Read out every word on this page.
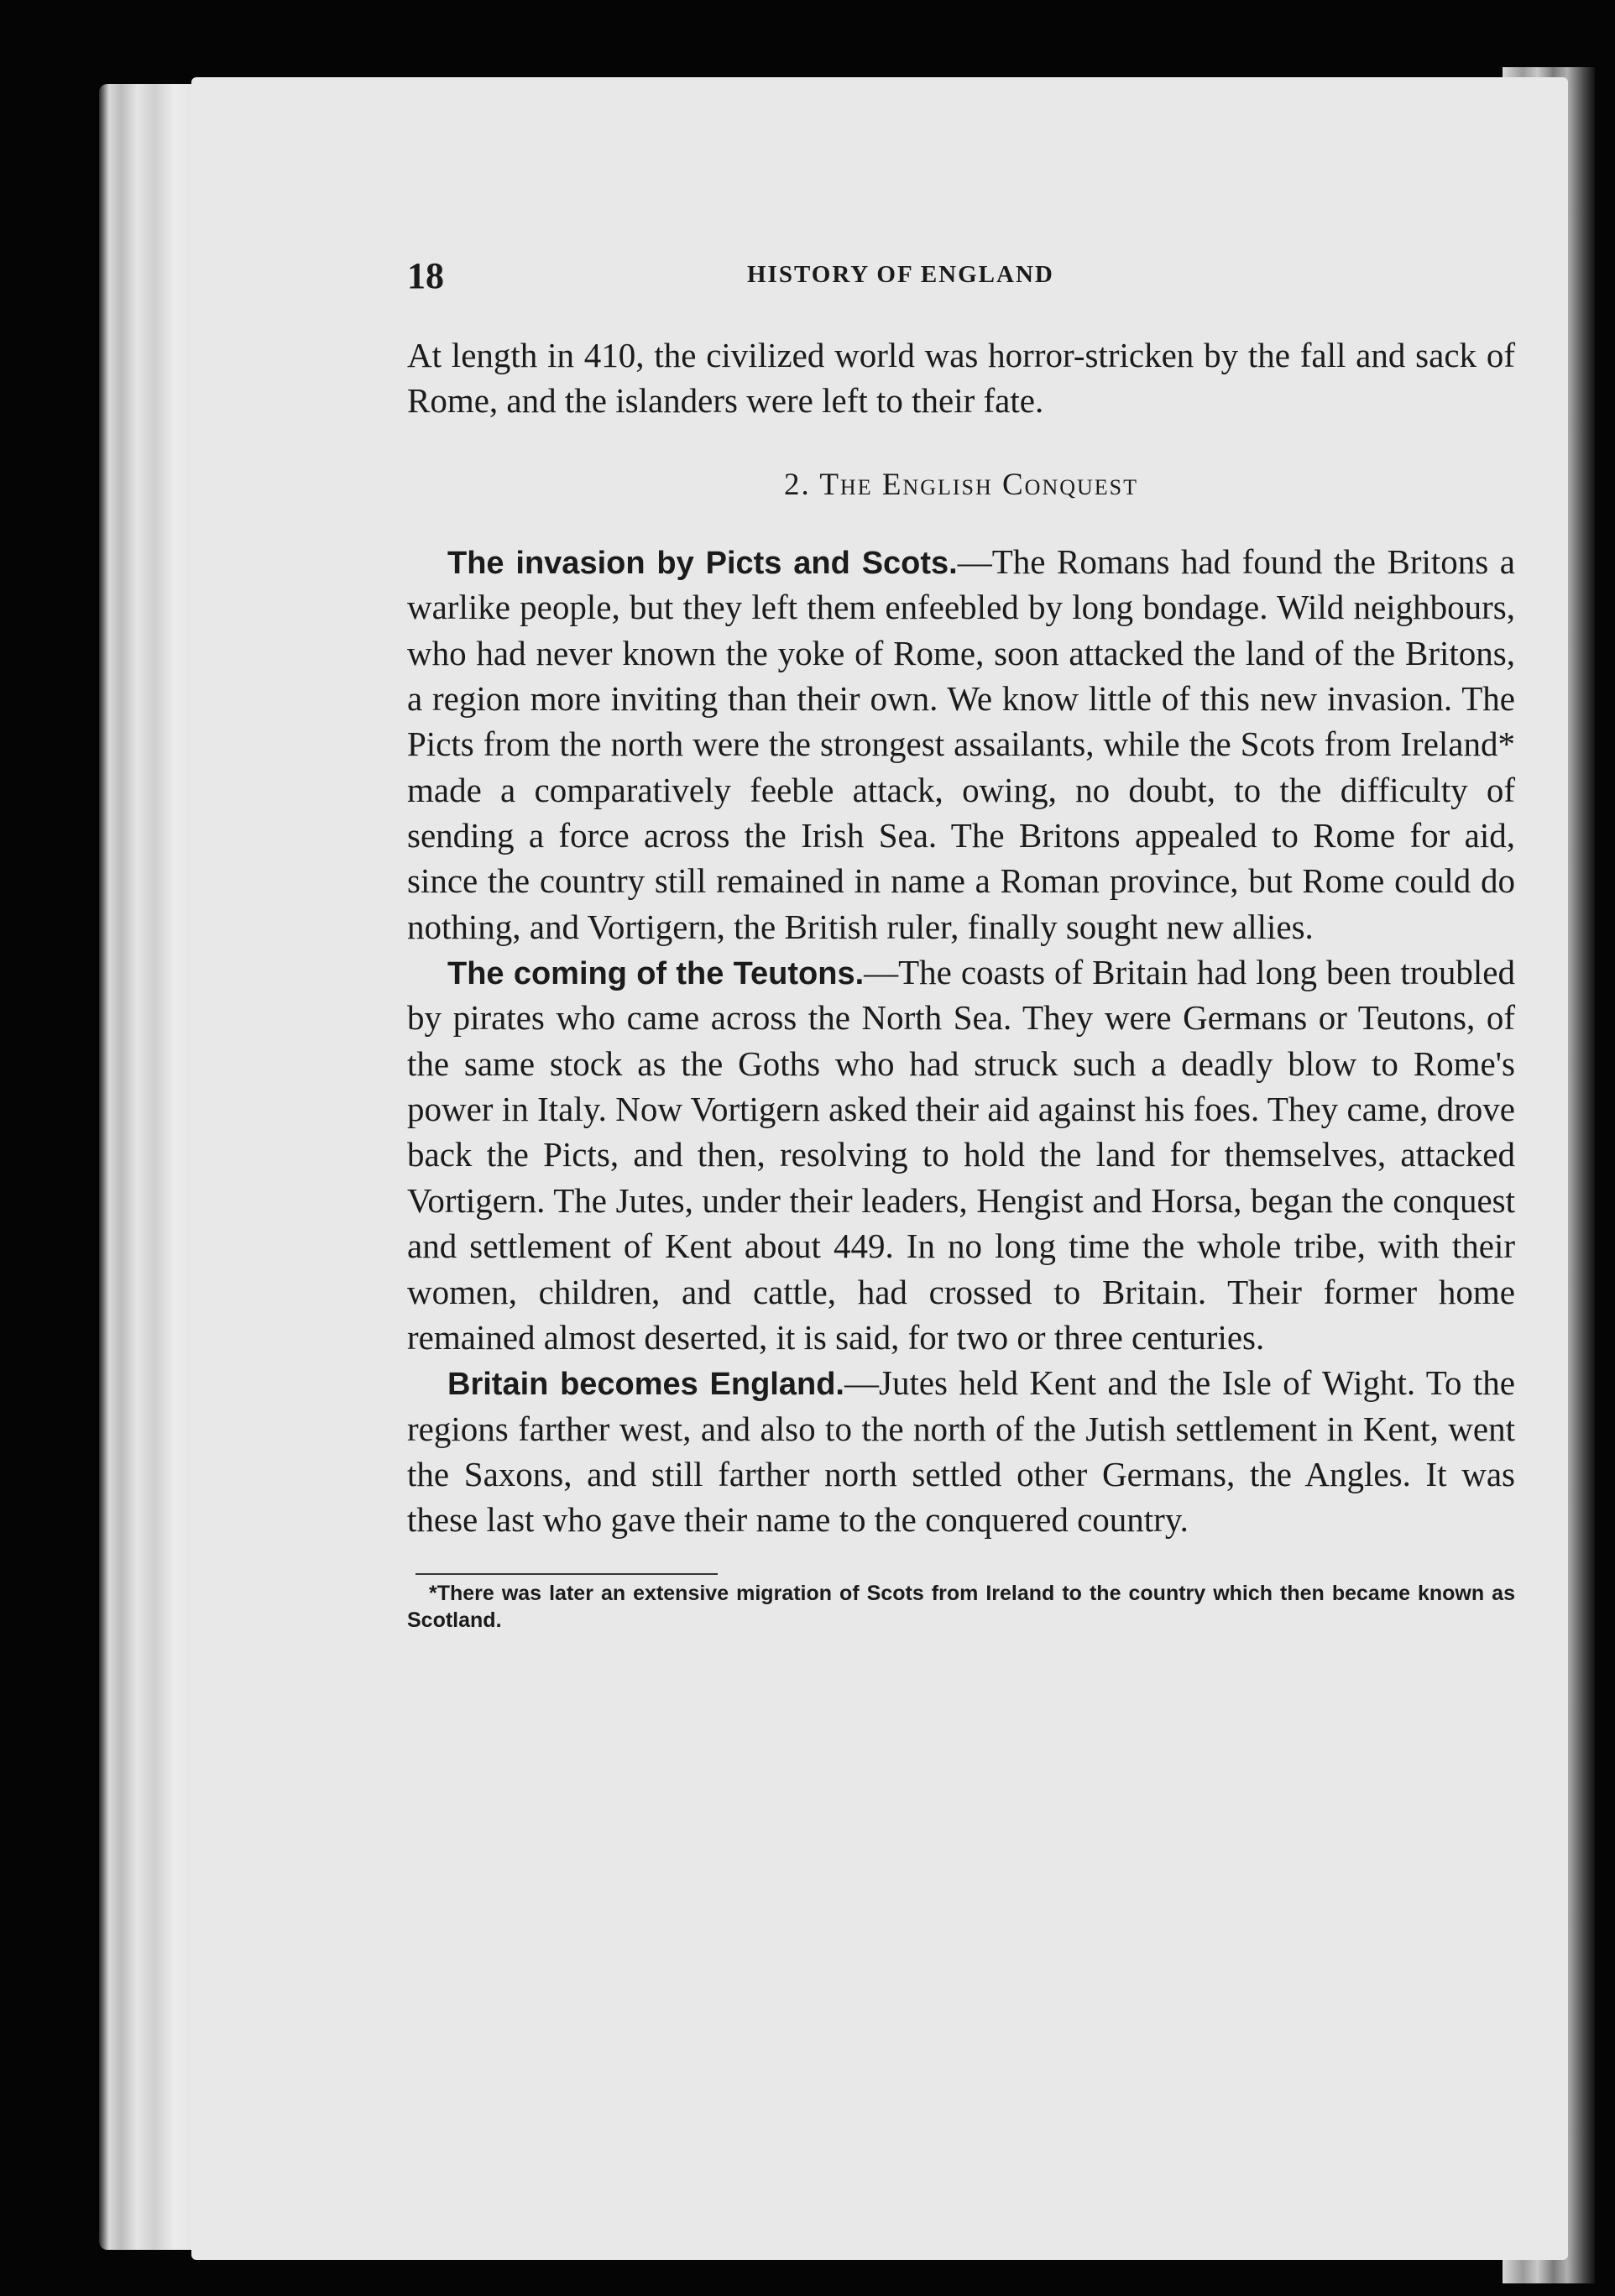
18	HISTORY OF ENGLAND

At length in 410, the civilized world was horror-stricken by the fall and sack of Rome, and the islanders were left to their fate.

2. The English Conquest

The invasion by Picts and Scots.—The Romans had found the Britons a warlike people, but they left them enfeebled by long bondage. Wild neighbours, who had never known the yoke of Rome, soon attacked the land of the Britons, a region more inviting than their own. We know little of this new invasion. The Picts from the north were the strongest assailants, while the Scots from Ireland* made a comparatively feeble attack, owing, no doubt, to the difficulty of sending a force across the Irish Sea. The Britons appealed to Rome for aid, since the country still remained in name a Roman province, but Rome could do nothing, and Vortigern, the British ruler, finally sought new allies.

The coming of the Teutons.—The coasts of Britain had long been troubled by pirates who came across the North Sea. They were Germans or Teutons, of the same stock as the Goths who had struck such a deadly blow to Rome's power in Italy. Now Vortigern asked their aid against his foes. They came, drove back the Picts, and then, resolving to hold the land for themselves, attacked Vortigern. The Jutes, under their leaders, Hengist and Horsa, began the conquest and settlement of Kent about 449. In no long time the whole tribe, with their women, children, and cattle, had crossed to Britain. Their former home remained almost deserted, it is said, for two or three centuries.

Britain becomes England.—Jutes held Kent and the Isle of Wight. To the regions farther west, and also to the north of the Jutish settlement in Kent, went the Saxons, and still farther north settled other Germans, the Angles. It was these last who gave their name to the conquered country.

*There was later an extensive migration of Scots from Ireland to the country which then became known as Scotland.
